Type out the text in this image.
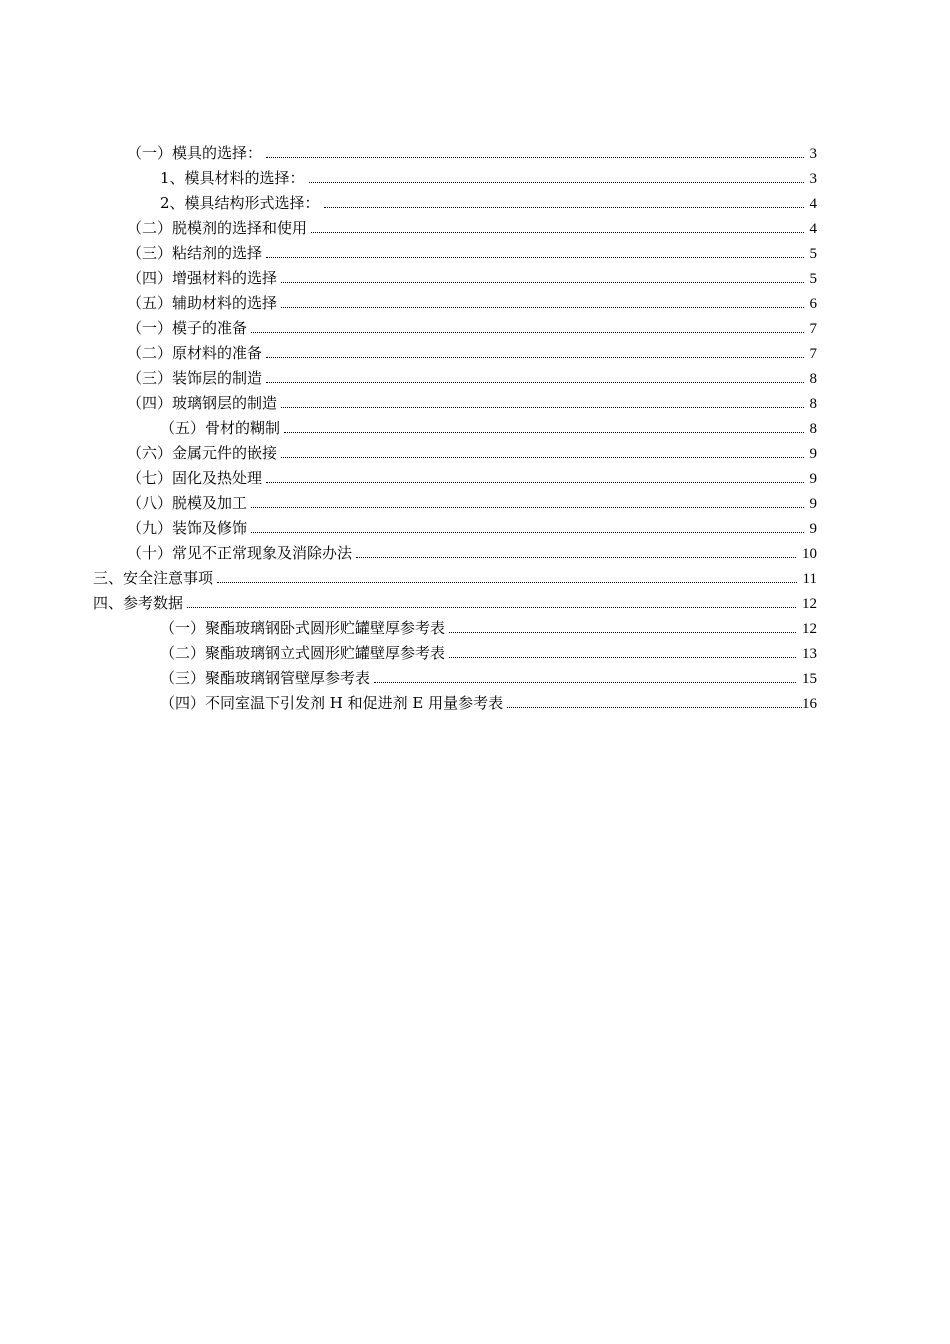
（一）模具的选择：	3
1、模具材料的选择：	3
2、模具结构形式选择：	4
（二）脱模剂的选择和使用	4
（三）粘结剂的选择	5
（四）增强材料的选择	5
（五）辅助材料的选择	6
（一）模子的准备	7
（二）原材料的准备	7
（三）装饰层的制造	8
（四）玻璃钢层的制造	8
（五）骨材的糊制	8
（六）金属元件的嵌接	9
（七）固化及热处理	9
（八）脱模及加工	9
（九）装饰及修饰	9
（十）常见不正常现象及消除办法	10
三、安全注意事项	11
四、参考数据	12
（一）聚酯玻璃钢卧式圆形贮罐壁厚参考表	12
（二）聚酯玻璃钢立式圆形贮罐壁厚参考表	13
（三）聚酯玻璃钢管壁厚参考表	15
（四）不同室温下引发剂 H 和促进剂 E 用量参考表	16
